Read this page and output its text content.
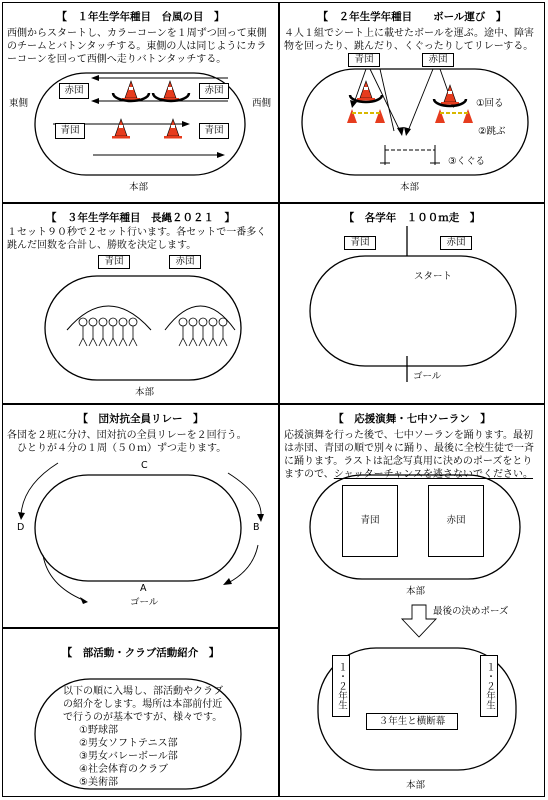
【　１年生学年種目　台風の目　】
西側からスタートし、カラーコーンを１周ずつ回って東側のチームとバトンタッチする。東側の人は同じようにカラーコーンを回って西側へ走りバトンタッチする。
東側	西側
赤団	赤団
青団	青団
本部
【　２年生学年種目　　ボール運び　】
４人１組でシート上に載せたボールを運ぶ。途中、障害物を回ったり、跳んだり、くぐったりしてリレーする。
青団	赤団
①回る
②跳ぶ
③くぐる
本部
【　３年生学年種目　長縄２０２１　】
１セット９０秒で２セット行います。各セットで一番多く跳んだ回数を合計し、勝敗を決定します。
青団	赤団
本部
【　各学年　１００ｍ走　】
青団	赤団
スタート
ゴール
【　団対抗全員リレー　】
各団を２班に分け、団対抗の全員リレーを２回行う。
ひとりが４分の１周（５０ｍ）ずつ走ります。
C
B
D
A
ゴール
【　応援演舞・七中ソーラン　】
応援演舞を行った後で、七中ソーランを踊ります。最初は赤団、青団の順で別々に踊り、最後に全校生徒で一斉に踊ります。ラストは記念写真用に決めのポーズをとりますので、シャッターチャンスを逃さないでください。
青団	赤団
本部
最後の決めポーズ
１・２年生	１・２年生
３年生と横断幕
本部
【　部活動・クラブ活動紹介　】
以下の順に入場し、部活動やクラブの紹介をします。場所は本部前付近で行うのが基本ですが、様々です。
①野球部
②男女ソフトテニス部
③男女バレーボール部
④社会体育のクラブ
⑤美術部
